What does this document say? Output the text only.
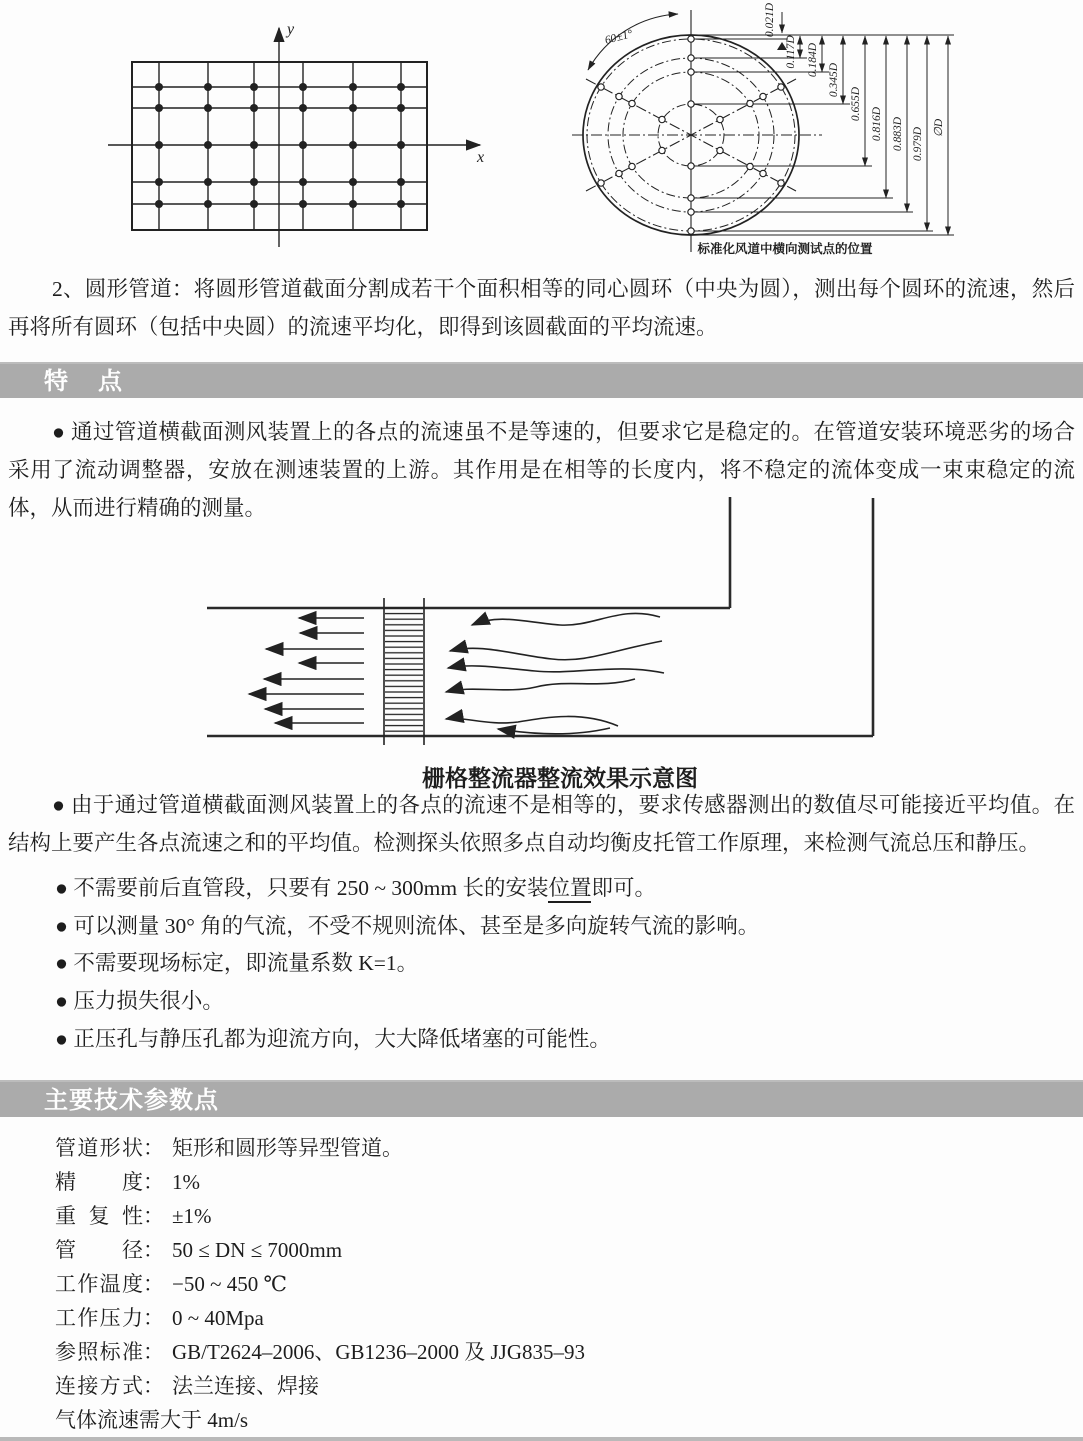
y
x
60±1°
0.021D
0.117D 0.184D
0.345D
0.655D
0.816D 0.883D 0.979D ∅D
标准化风道中横向测试点的位置

2、圆形管道：将圆形管道截面分割成若干个面积相等的同心圆环（中央为圆），测出每个圆环的流速，然后再将所有圆环（包括中央圆）的流速平均化，即得到该圆截面的平均流速。

特　点

● 通过管道横截面测风装置上的各点的流速虽不是等速的，但要求它是稳定的。在管道安装环境恶劣的场合采用了流动调整器，安放在测速装置的上游。其作用是在相等的长度内，将不稳定的流体变成一束束稳定的流体，从而进行精确的测量。

栅格整流器整流效果示意图

● 由于通过管道横截面测风装置上的各点的流速不是相等的，要求传感器测出的数值尽可能接近平均值。在结构上要产生各点流速之和的平均值。检测探头依照多点自动均衡皮托管工作原理，来检测气流总压和静压。

● 不需要前后直管段，只要有 250 ~ 300mm 长的安装位置即可。

● 可以测量 30° 角的气流，不受不规则流体、甚至是多向旋转气流的影响。

● 不需要现场标定，即流量系数 K=1。

● 压力损失很小。

● 正压孔与静压孔都为迎流方向，大大降低堵塞的可能性。

主要技术参数点
管道形状： 矩形和圆形等异型管道。
精度： 1%
重复性： ±1%
管径： 50 ≤ DN ≤ 7000mm
工作温度： −50 ~ 450 ℃
工作压力： 0 ~ 40Mpa
参照标准： GB/T2624–2006、GB1236–2000 及 JJG835–93
连接方式： 法兰连接、焊接
气体流速需大于 4m/s
